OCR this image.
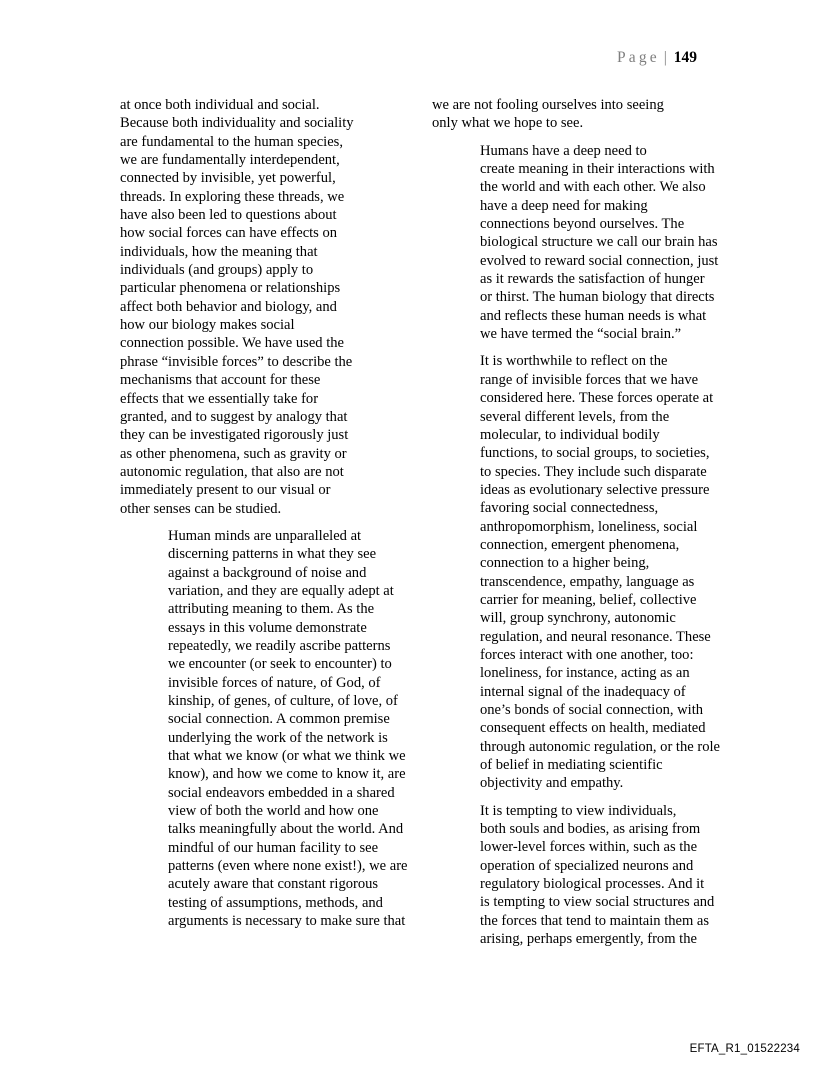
Page | 149
at once both individual and social.
Because both individuality and sociality
are fundamental to the human species,
we are fundamentally interdependent,
connected by invisible, yet powerful,
threads. In exploring these threads, we
have also been led to questions about
how social forces can have effects on
individuals, how the meaning that
individuals (and groups) apply to
particular phenomena or relationships
affect both behavior and biology, and
how our biology makes social
connection possible. We have used the
phrase “invisible forces” to describe the
mechanisms that account for these
effects that we essentially take for
granted, and to suggest by analogy that
they can be investigated rigorously just
as other phenomena, such as gravity or
autonomic regulation, that also are not
immediately present to our visual or
other senses can be studied.
Human minds are unparalleled at
discerning patterns in what they see
against a background of noise and
variation, and they are equally adept at
attributing meaning to them. As the
essays in this volume demonstrate
repeatedly, we readily ascribe patterns
we encounter (or seek to encounter) to
invisible forces of nature, of God, of
kinship, of genes, of culture, of love, of
social connection. A common premise
underlying the work of the network is
that what we know (or what we think we
know), and how we come to know it, are
social endeavors embedded in a shared
view of both the world and how one
talks meaningfully about the world. And
mindful of our human facility to see
patterns (even where none exist!), we are
acutely aware that constant rigorous
testing of assumptions, methods, and
arguments is necessary to make sure that
we are not fooling ourselves into seeing
only what we hope to see.
Humans have a deep need to
create meaning in their interactions with
the world and with each other. We also
have a deep need for making
connections beyond ourselves. The
biological structure we call our brain has
evolved to reward social connection, just
as it rewards the satisfaction of hunger
or thirst. The human biology that directs
and reflects these human needs is what
we have termed the “social brain.”
It is worthwhile to reflect on the
range of invisible forces that we have
considered here. These forces operate at
several different levels, from the
molecular, to individual bodily
functions, to social groups, to societies,
to species. They include such disparate
ideas as evolutionary selective pressure
favoring social connectedness,
anthropomorphism, loneliness, social
connection, emergent phenomena,
connection to a higher being,
transcendence, empathy, language as
carrier for meaning, belief, collective
will, group synchrony, autonomic
regulation, and neural resonance. These
forces interact with one another, too:
loneliness, for instance, acting as an
internal signal of the inadequacy of
one’s bonds of social connection, with
consequent effects on health, mediated
through autonomic regulation, or the role
of belief in mediating scientific
objectivity and empathy.
It is tempting to view individuals,
both souls and bodies, as arising from
lower-level forces within, such as the
operation of specialized neurons and
regulatory biological processes. And it
is tempting to view social structures and
the forces that tend to maintain them as
arising, perhaps emergently, from the
EFTA_R1_01522234
